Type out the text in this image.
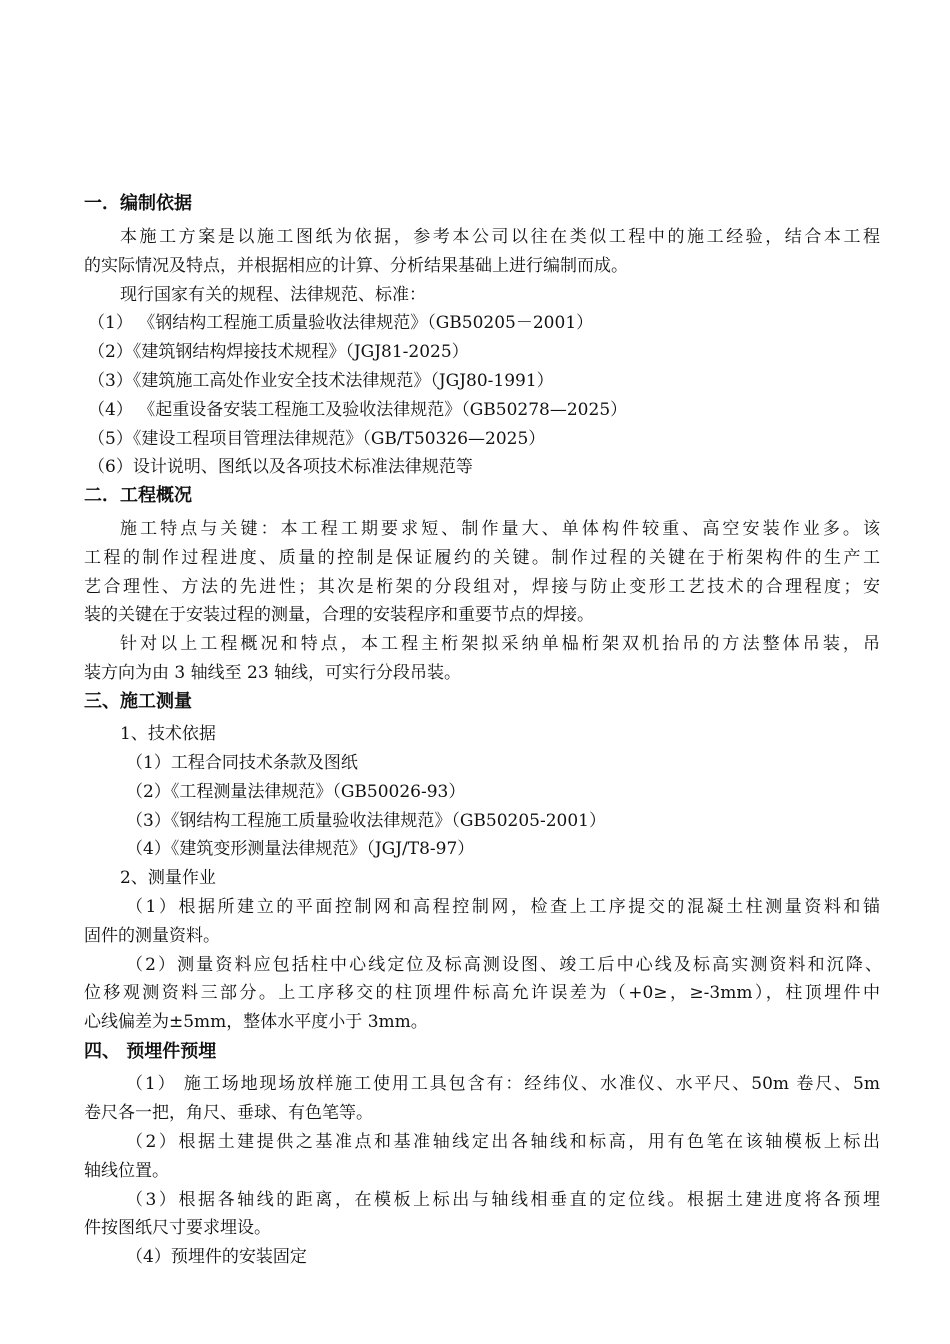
一．编制依据
本施工方案是以施工图纸为依据，参考本公司以往在类似工程中的施工经验，结合本工程
的实际情况及特点，并根据相应的计算、分析结果基础上进行编制而成。
现行国家有关的规程、法律规范、标准：
（1） 《钢结构工程施工质量验收法律规范》（GB50205－2001）
（2）《建筑钢结构焊接技术规程》（JGJ81-2025）
（3）《建筑施工高处作业安全技术法律规范》（JGJ80-1991）
（4） 《起重设备安装工程施工及验收法律规范》（GB50278—2025）
（5）《建设工程项目管理法律规范》（GB/T50326—2025）
（6）设计说明、图纸以及各项技术标准法律规范等
二．工程概况
施工特点与关键：本工程工期要求短、制作量大、单体构件较重、高空安装作业多。该
工程的制作过程进度、质量的控制是保证履约的关键。制作过程的关键在于桁架构件的生产工
艺合理性、方法的先进性；其次是桁架的分段组对，焊接与防止变形工艺技术的合理程度；安
装的关键在于安装过程的测量，合理的安装程序和重要节点的焊接。
针对以上工程概况和特点，本工程主桁架拟采纳单榀桁架双机抬吊的方法整体吊装，吊
装方向为由 3 轴线至 23 轴线，可实行分段吊装。
三、施工测量
1、技术依据
（1）工程合同技术条款及图纸
（2）《工程测量法律规范》（GB50026-93）
（3）《钢结构工程施工质量验收法律规范》（GB50205-2001）
（4）《建筑变形测量法律规范》（JGJ/T8-97）
2、测量作业
（1）根据所建立的平面控制网和高程控制网，检查上工序提交的混凝土柱测量资料和锚
固件的测量资料。
（2）测量资料应包括柱中心线定位及标高测设图、竣工后中心线及标高实测资料和沉降、
位移观测资料三部分。上工序移交的柱顶埋件标高允许误差为（+0≥，≥-3mm），柱顶埋件中
心线偏差为±5mm，整体水平度小于 3mm。
四、 预埋件预埋
（1） 施工场地现场放样施工使用工具包含有：经纬仪、水准仪、水平尺、50m 卷尺、5m
卷尺各一把，角尺、垂球、有色笔等。
（2）根据土建提供之基准点和基准轴线定出各轴线和标高，用有色笔在该轴模板上标出
轴线位置。
（3）根据各轴线的距离，在模板上标出与轴线相垂直的定位线。根据土建进度将各预埋
件按图纸尺寸要求埋设。
（4）预埋件的安装固定
